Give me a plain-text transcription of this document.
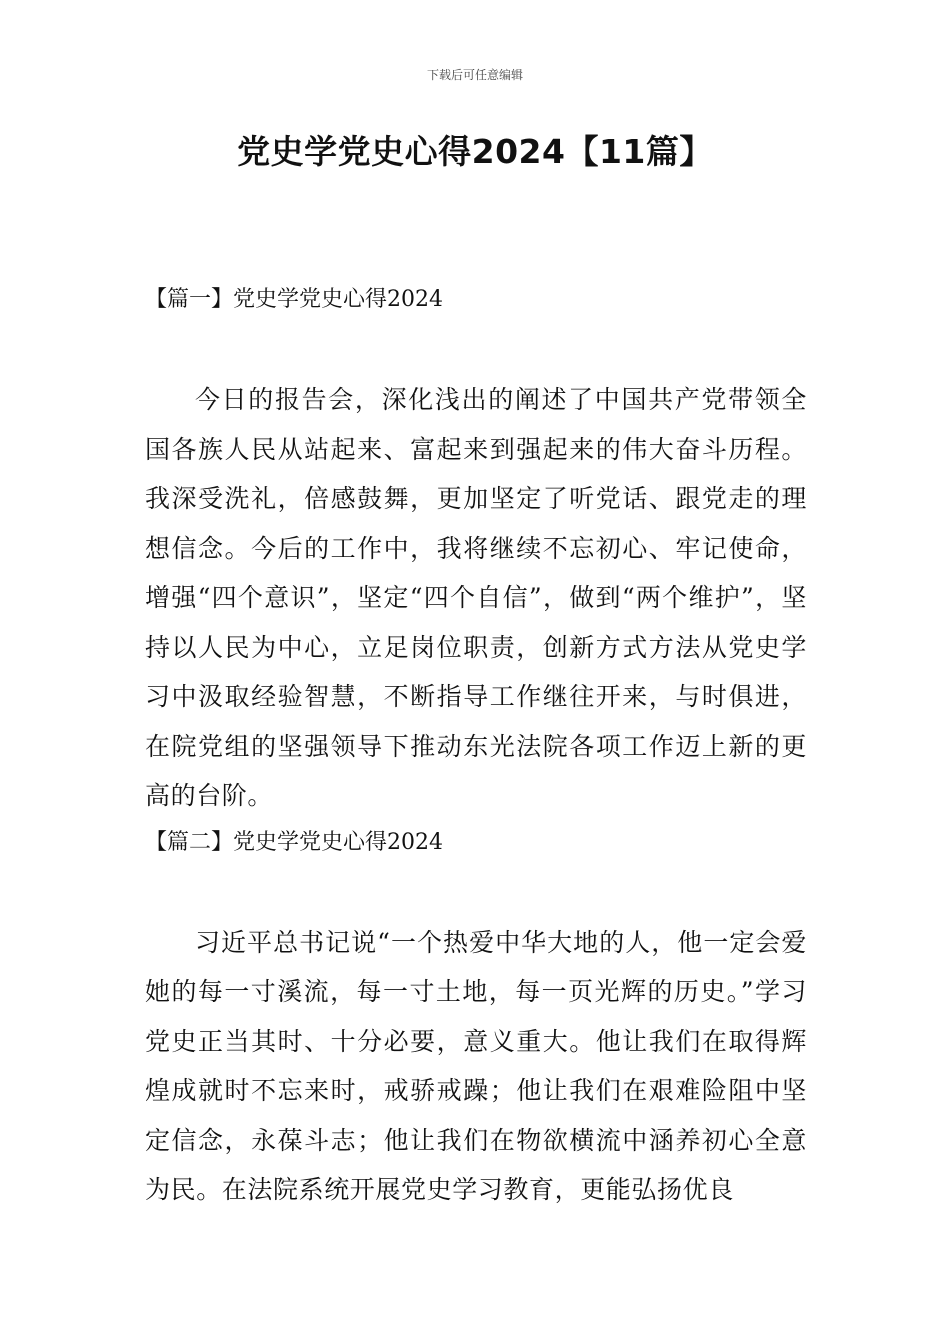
下载后可任意编辑
党史学党史心得2024【11篇】

【篇一】党史学党史心得2024

今日的报告会，深化浅出的阐述了中国共产党带领全国各族人民从站起来、富起来到强起来的伟大奋斗历程。我深受洗礼，倍感鼓舞，更加坚定了听党话、跟党走的理想信念。今后的工作中，我将继续不忘初心、牢记使命，增强“四个意识”，坚定“四个自信”，做到“两个维护”，坚持以人民为中心，立足岗位职责，创新方式方法从党史学习中汲取经验智慧，不断指导工作继往开来，与时俱进，在院党组的坚强领导下推动东光法院各项工作迈上新的更高的台阶。

【篇二】党史学党史心得2024

习近平总书记说“一个热爱中华大地的人，他一定会爱她的每一寸溪流，每一寸土地，每一页光辉的历史。”学习党史正当其时、十分必要，意义重大。他让我们在取得辉煌成就时不忘来时，戒骄戒躁；他让我们在艰难险阻中坚定信念，永葆斗志；他让我们在物欲横流中涵养初心全意为民。在法院系统开展党史学习教育，更能弘扬优良
